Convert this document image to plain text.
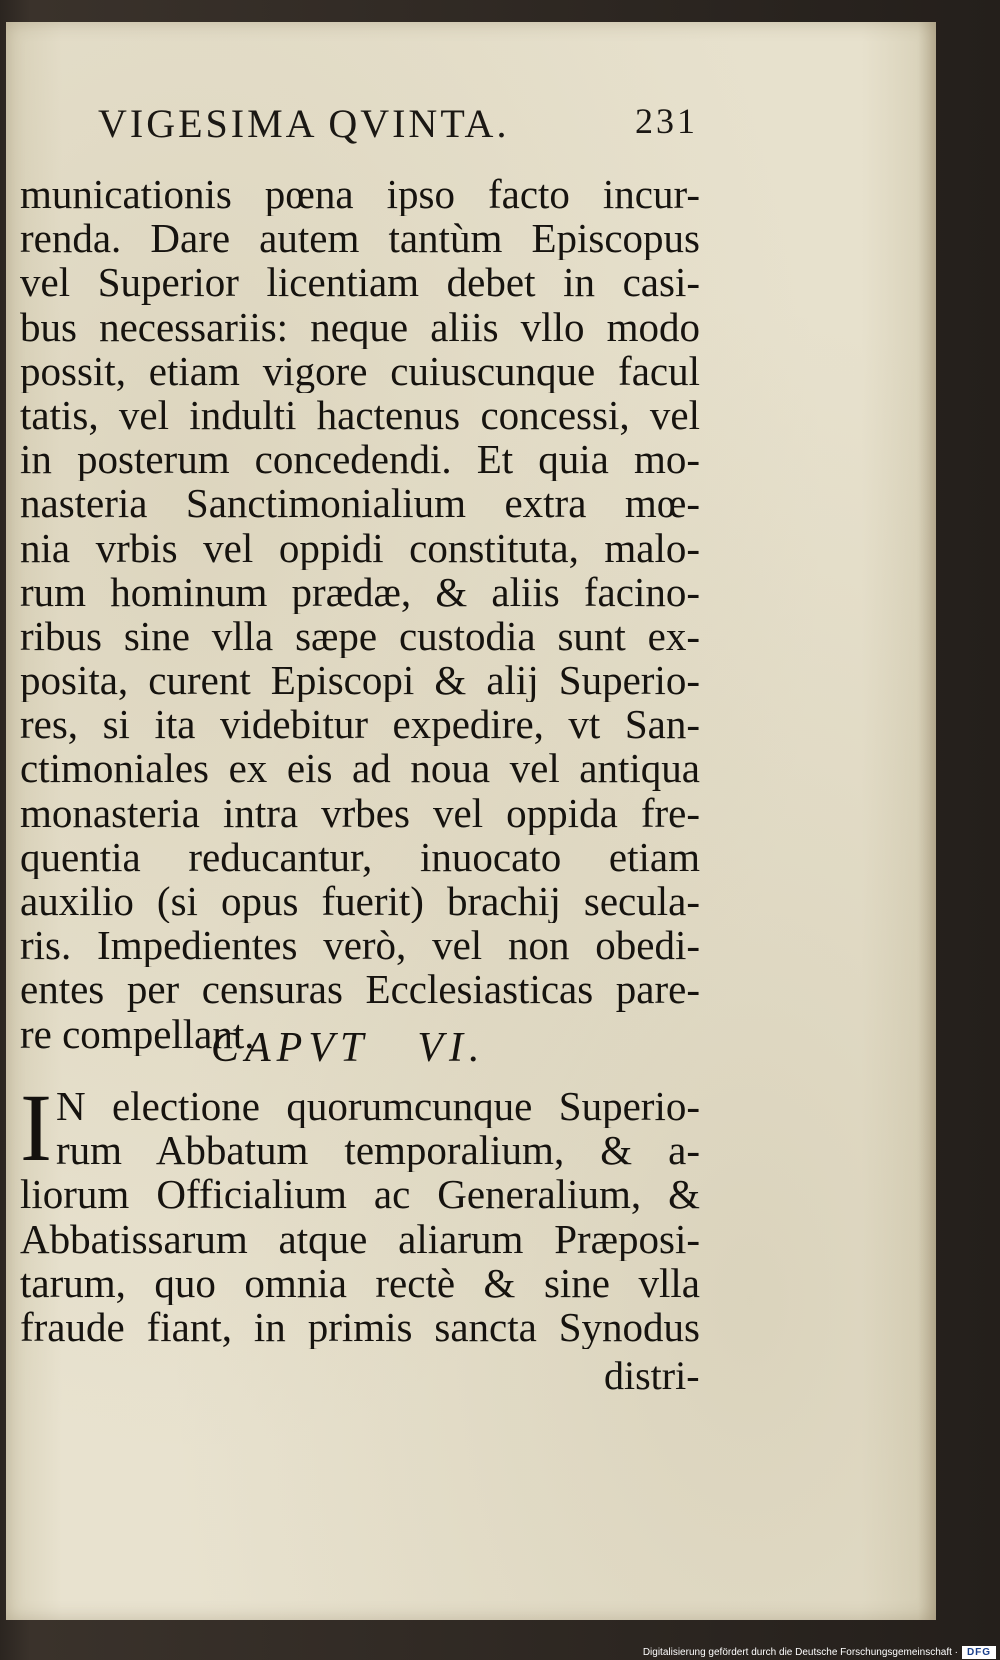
VIGESIMA QVINTA.	231
municationis pœna ipso facto incur-
renda. Dare autem tantùm Episcopus
vel Superior licentiam debet in casi-
bus necessariis: neque aliis vllo modo
possit, etiam vigore cuiuscunque facul
tatis, vel indulti hactenus concessi, vel
in posterum concedendi. Et quia mo-
nasteria Sanctimonialium extra mœ-
nia vrbis vel oppidi constituta, malo-
rum hominum prædæ, & aliis facino-
ribus sine vlla sæpe custodia sunt ex-
posita, curent Episcopi & alij Superio-
res, si ita videbitur expedire, vt San-
ctimoniales ex eis ad noua vel antiqua
monasteria intra vrbes vel oppida fre-
quentia reducantur, inuocato etiam
auxilio (si opus fuerit) brachij secula-
ris. Impedientes verò, vel non obedi-
entes per censuras Ecclesiasticas pare-
re compellant.
CAPVT VI.
I N electione quorumcunque Superio-
rum Abbatum temporalium, & a-
liorum Officialium ac Generalium, &
Abbatissarum atque aliarum Præposi-
tarum, quo omnia rectè & sine vlla
fraude fiant, in primis sancta Synodus
distri-
Digitalisierung gefördert durch die Deutsche Forschungsgemeinschaft · DFG
